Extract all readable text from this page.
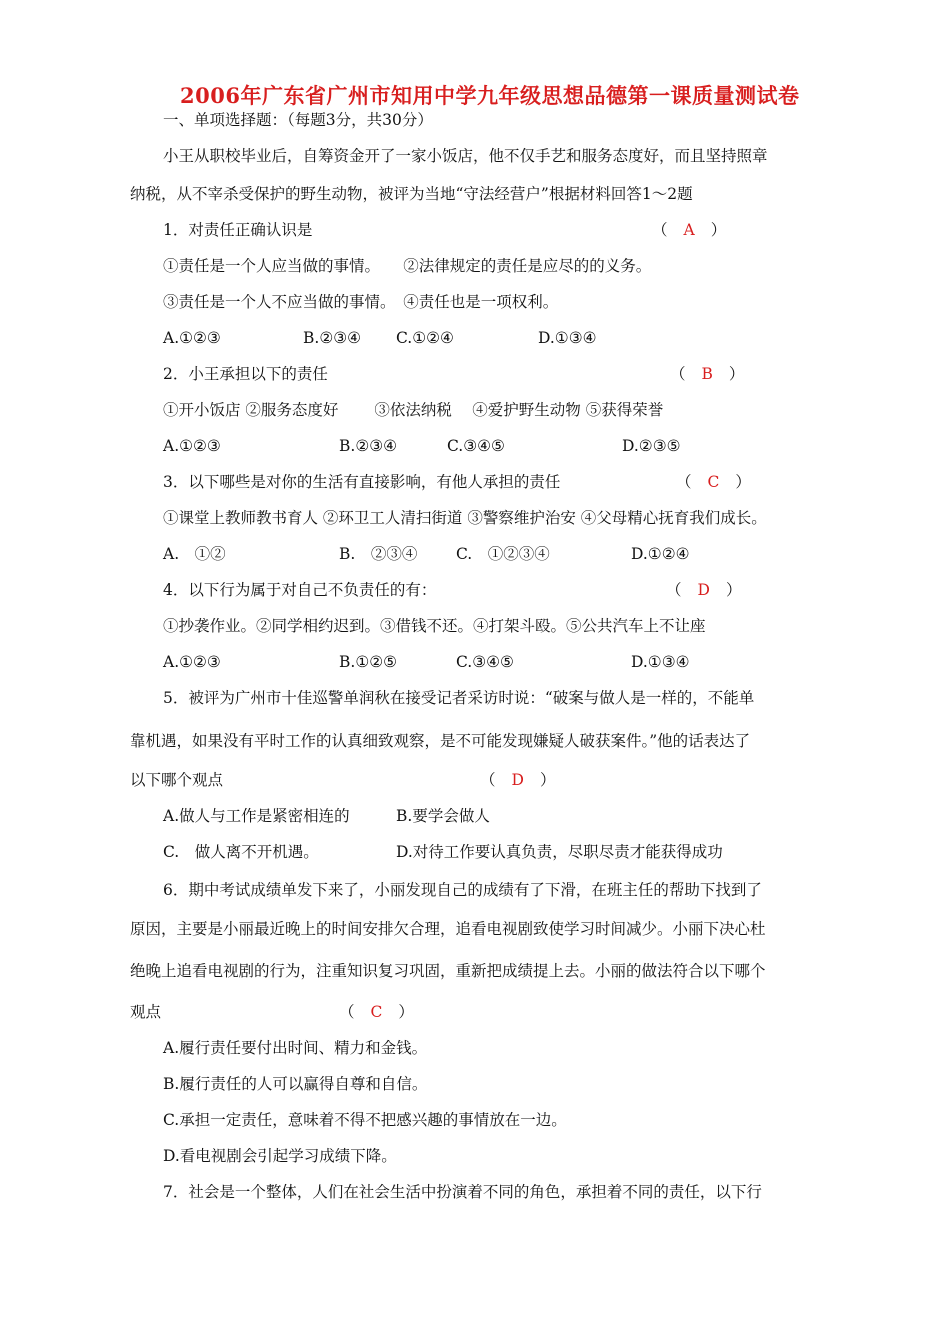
2006年广东省广州市知用中学九年级思想品德第一课质量测试卷
一、单项选择题：（每题3分，共30分）
小王从职校毕业后，自筹资金开了一家小饭店，他不仅手艺和服务态度好，而且坚持照章
纳税，从不宰杀受保护的野生动物，被评为当地“守法经营户”根据材料回答1～2题
1．对责任正确认识是	（ A ）
①责任是一个人应当做的事情。　　②法律规定的责任是应尽的的义务。
③责任是一个人不应当做的事情。　④责任也是一项权利。
A.①②③	B.②③④ C.①②④	D.①③④
2．小王承担以下的责任	（ B ）
①开小饭店 ②服务态度好　　 ③依法纳税　 ④爱护野生动物 ⑤获得荣誉
A.①②③	B.②③④	C.③④⑤	D.②③⑤
3．以下哪些是对你的生活有直接影响，有他人承担的责任	（ C ）
①课堂上教师教书育人 ②环卫工人清扫街道 ③警察维护治安 ④父母精心抚育我们成长。
A.　①②	B.　②③④ C.　①②③④	D.①②④
4．以下行为属于对自己不负责任的有：	（ D ）
①抄袭作业。②同学相约迟到。③借钱不还。④打架斗殴。⑤公共汽车上不让座
A.①②③	B.①②⑤	C.③④⑤	D.①③④
5．被评为广州市十佳巡警单润秋在接受记者采访时说：“破案与做人是一样的，不能单
靠机遇，如果没有平时工作的认真细致观察，是不可能发现嫌疑人破获案件。”他的话表达了
以下哪个观点	（ D ）
A.做人与工作是紧密相连的	B.要学会做人
C.　做人离不开机遇。	D.对待工作要认真负责，尽职尽责才能获得成功
6．期中考试成绩单发下来了，小丽发现自己的成绩有了下滑，在班主任的帮助下找到了
原因，主要是小丽最近晚上的时间安排欠合理，追看电视剧致使学习时间减少。小丽下决心杜
绝晚上追看电视剧的行为，注重知识复习巩固，重新把成绩提上去。小丽的做法符合以下哪个
观点	（ C ）
A.履行责任要付出时间、精力和金钱。
B.履行责任的人可以赢得自尊和自信。
C.承担一定责任，意味着不得不把感兴趣的事情放在一边。
D.看电视剧会引起学习成绩下降。
7．社会是一个整体，人们在社会生活中扮演着不同的角色，承担着不同的责任，以下行
